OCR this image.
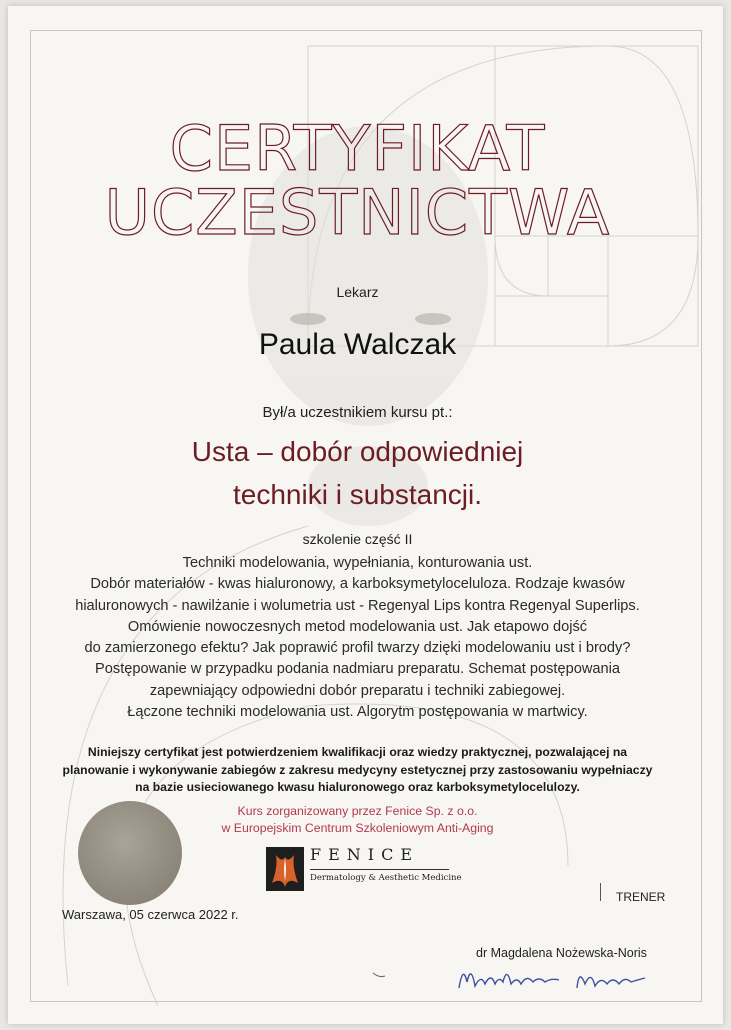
CERTYFIKAT
UCZESTNICTWA
Lekarz
Paula Walczak
Był/a uczestnikiem kursu pt.:
Usta – dobór odpowiedniej
techniki i substancji.
szkolenie część II
Techniki modelowania, wypełniania, konturowania ust.
Dobór materiałów - kwas hialuronowy, a karboksymetyloceluloza. Rodzaje kwasów
hialuronowych - nawilżanie i wolumetria ust - Regenyal Lips kontra Regenyal Superlips.
Omówienie nowoczesnych metod modelowania ust. Jak etapowo dojść
do zamierzonego efektu? Jak poprawić profil twarzy dzięki modelowaniu ust i brody?
Postępowanie w przypadku podania nadmiaru preparatu. Schemat postępowania
zapewniający odpowiedni dobór preparatu i techniki zabiegowej.
Łączone techniki modelowania ust. Algorytm postępowania w martwicy.
Niniejszy certyfikat jest potwierdzeniem kwalifikacji oraz wiedzy praktycznej, pozwalającej na
planowanie i wykonywanie zabiegów z zakresu medycyny estetycznej przy zastosowaniu wypełniaczy
na bazie usieciowanego kwasu hialuronowego oraz karboksymetylocelulozy.
Kurs zorganizowany przez Fenice Sp. z o.o.
w Europejskim Centrum Szkoleniowym Anti-Aging
FENICE
Dermatology & Aesthetic Medicine
TRENER
Warszawa, 05 czerwca 2022 r.
dr Magdalena Nożewska-Noris
